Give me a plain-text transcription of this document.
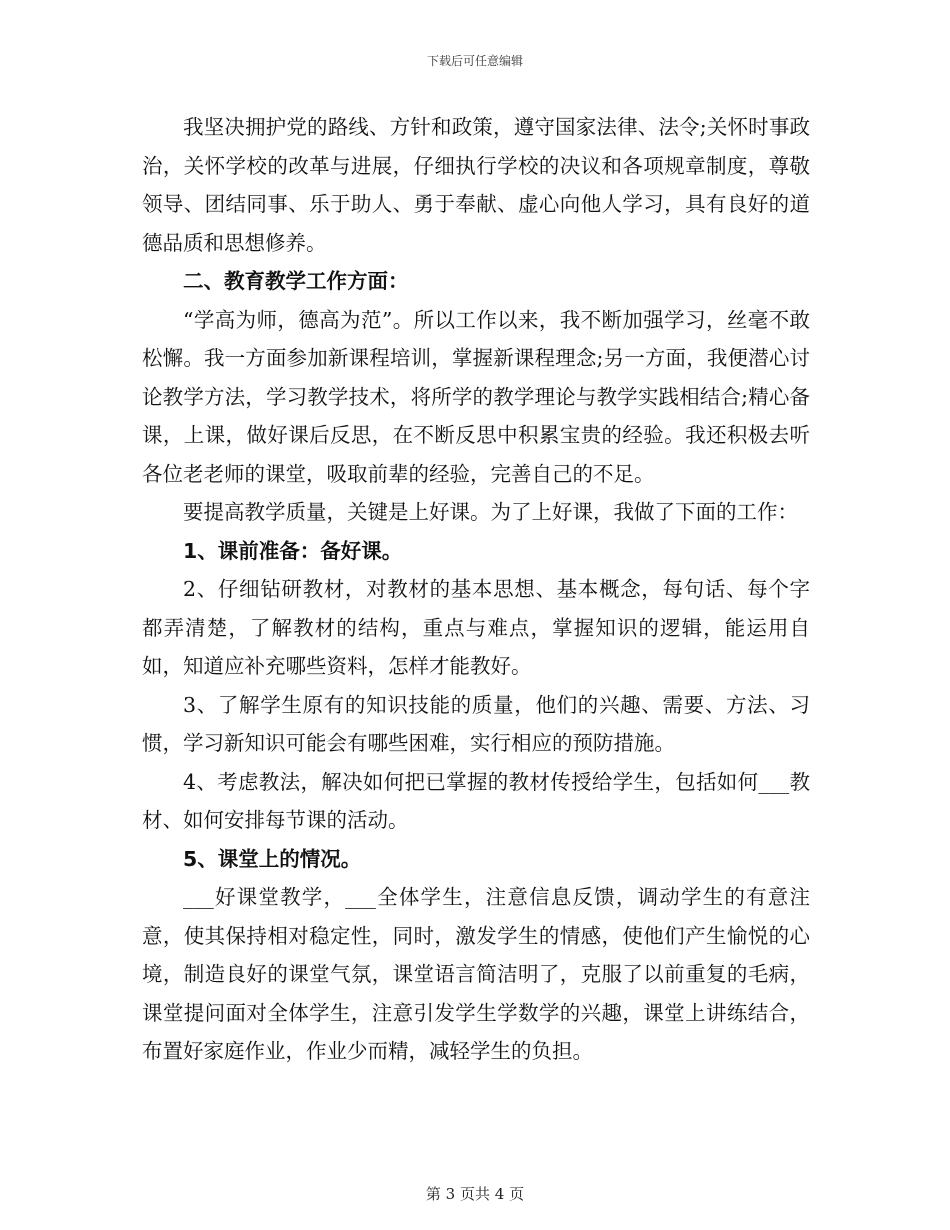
下载后可任意编辑

我坚决拥护党的路线、方针和政策，遵守国家法律、法令;关怀时事政治，关怀学校的改革与进展，仔细执行学校的决议和各项规章制度，尊敬领导、团结同事、乐于助人、勇于奉献、虚心向他人学习，具有良好的道德品质和思想修养。

二、教育教学工作方面：

“学高为师，德高为范”。所以工作以来，我不断加强学习，丝毫不敢松懈。我一方面参加新课程培训，掌握新课程理念;另一方面，我便潜心讨论教学方法，学习教学技术，将所学的教学理论与教学实践相结合;精心备课，上课，做好课后反思，在不断反思中积累宝贵的经验。我还积极去听各位老老师的课堂，吸取前辈的经验，完善自己的不足。

要提高教学质量，关键是上好课。为了上好课，我做了下面的工作：

1、课前准备：备好课。

2、仔细钻研教材，对教材的基本思想、基本概念，每句话、每个字都弄清楚，了解教材的结构，重点与难点，掌握知识的逻辑，能运用自如，知道应补充哪些资料，怎样才能教好。

3、了解学生原有的知识技能的质量，他们的兴趣、需要、方法、习惯，学习新知识可能会有哪些困难，实行相应的预防措施。

4、考虑教法，解决如何把已掌握的教材传授给学生，包括如何___教材、如何安排每节课的活动。

5、课堂上的情况。

___好课堂教学，___全体学生，注意信息反馈，调动学生的有意注意，使其保持相对稳定性，同时，激发学生的情感，使他们产生愉悦的心境，制造良好的课堂气氛，课堂语言简洁明了，克服了以前重复的毛病，课堂提问面对全体学生，注意引发学生学数学的兴趣，课堂上讲练结合，布置好家庭作业，作业少而精，减轻学生的负担。

第 3 页共 4 页
